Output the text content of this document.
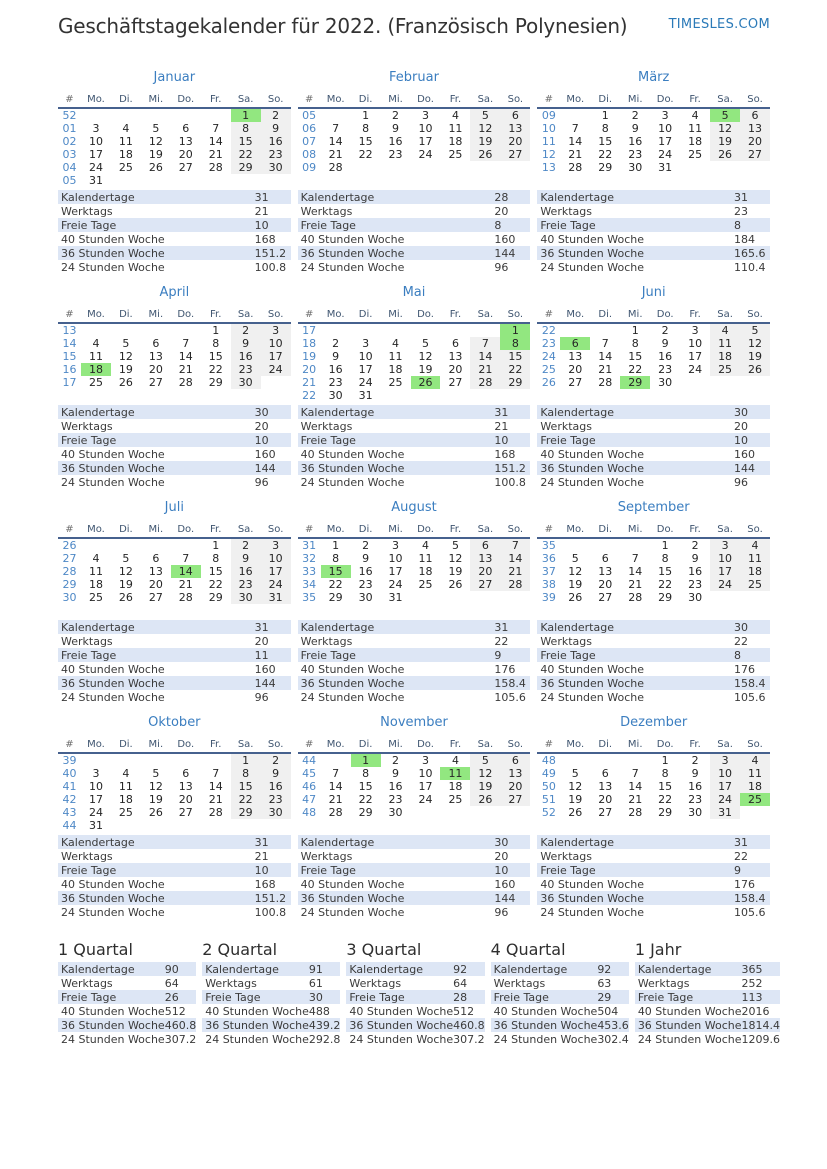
Geschäftstagekalender für 2022. (Französisch Polynesien)	TIMESLES.COM
Januar
#	Mo.	Di.	Mi.	Do.	Fr.	Sa.	So.
52						1	2
01	3	4	5	6	7	8	9
02	10	11	12	13	14	15	16
03	17	18	19	20	21	22	23
04	24	25	26	27	28	29	30
05	31						
Kalendertage	31
Werktags	21
Freie Tage	10
40 Stunden Woche	168
36 Stunden Woche	151.2
24 Stunden Woche	100.8
Februar
#	Mo.	Di.	Mi.	Do.	Fr.	Sa.	So.
05		1	2	3	4	5	6
06	7	8	9	10	11	12	13
07	14	15	16	17	18	19	20
08	21	22	23	24	25	26	27
09	28						
Kalendertage	28
Werktags	20
Freie Tage	8
40 Stunden Woche	160
36 Stunden Woche	144
24 Stunden Woche	96
März
#	Mo.	Di.	Mi.	Do.	Fr.	Sa.	So.
09		1	2	3	4	5	6
10	7	8	9	10	11	12	13
11	14	15	16	17	18	19	20
12	21	22	23	24	25	26	27
13	28	29	30	31			
Kalendertage	31
Werktags	23
Freie Tage	8
40 Stunden Woche	184
36 Stunden Woche	165.6
24 Stunden Woche	110.4
April
#	Mo.	Di.	Mi.	Do.	Fr.	Sa.	So.
13					1	2	3
14	4	5	6	7	8	9	10
15	11	12	13	14	15	16	17
16	18	19	20	21	22	23	24
17	25	26	27	28	29	30	
Kalendertage	30
Werktags	20
Freie Tage	10
40 Stunden Woche	160
36 Stunden Woche	144
24 Stunden Woche	96
Mai
#	Mo.	Di.	Mi.	Do.	Fr.	Sa.	So.
17							1
18	2	3	4	5	6	7	8
19	9	10	11	12	13	14	15
20	16	17	18	19	20	21	22
21	23	24	25	26	27	28	29
22	30	31					
Kalendertage	31
Werktags	21
Freie Tage	10
40 Stunden Woche	168
36 Stunden Woche	151.2
24 Stunden Woche	100.8
Juni
#	Mo.	Di.	Mi.	Do.	Fr.	Sa.	So.
22			1	2	3	4	5
23	6	7	8	9	10	11	12
24	13	14	15	16	17	18	19
25	20	21	22	23	24	25	26
26	27	28	29	30			
Kalendertage	30
Werktags	20
Freie Tage	10
40 Stunden Woche	160
36 Stunden Woche	144
24 Stunden Woche	96
Juli
#	Mo.	Di.	Mi.	Do.	Fr.	Sa.	So.
26					1	2	3
27	4	5	6	7	8	9	10
28	11	12	13	14	15	16	17
29	18	19	20	21	22	23	24
30	25	26	27	28	29	30	31
Kalendertage	31
Werktags	20
Freie Tage	11
40 Stunden Woche	160
36 Stunden Woche	144
24 Stunden Woche	96
August
#	Mo.	Di.	Mi.	Do.	Fr.	Sa.	So.
31	1	2	3	4	5	6	7
32	8	9	10	11	12	13	14
33	15	16	17	18	19	20	21
34	22	23	24	25	26	27	28
35	29	30	31				
Kalendertage	31
Werktags	22
Freie Tage	9
40 Stunden Woche	176
36 Stunden Woche	158.4
24 Stunden Woche	105.6
September
#	Mo.	Di.	Mi.	Do.	Fr.	Sa.	So.
35				1	2	3	4
36	5	6	7	8	9	10	11
37	12	13	14	15	16	17	18
38	19	20	21	22	23	24	25
39	26	27	28	29	30		
Kalendertage	30
Werktags	22
Freie Tage	8
40 Stunden Woche	176
36 Stunden Woche	158.4
24 Stunden Woche	105.6
Oktober
#	Mo.	Di.	Mi.	Do.	Fr.	Sa.	So.
39						1	2
40	3	4	5	6	7	8	9
41	10	11	12	13	14	15	16
42	17	18	19	20	21	22	23
43	24	25	26	27	28	29	30
44	31						
Kalendertage	31
Werktags	21
Freie Tage	10
40 Stunden Woche	168
36 Stunden Woche	151.2
24 Stunden Woche	100.8
November
#	Mo.	Di.	Mi.	Do.	Fr.	Sa.	So.
44		1	2	3	4	5	6
45	7	8	9	10	11	12	13
46	14	15	16	17	18	19	20
47	21	22	23	24	25	26	27
48	28	29	30				
Kalendertage	30
Werktags	20
Freie Tage	10
40 Stunden Woche	160
36 Stunden Woche	144
24 Stunden Woche	96
Dezember
#	Mo.	Di.	Mi.	Do.	Fr.	Sa.	So.
48				1	2	3	4
49	5	6	7	8	9	10	11
50	12	13	14	15	16	17	18
51	19	20	21	22	23	24	25
52	26	27	28	29	30	31	
Kalendertage	31
Werktags	22
Freie Tage	9
40 Stunden Woche	176
36 Stunden Woche	158.4
24 Stunden Woche	105.6
1 Quartal
Kalendertage	90
Werktags	64
Freie Tage	26
40 Stunden Woche	512
36 Stunden Woche	460.8
24 Stunden Woche	307.2
2 Quartal
Kalendertage	91
Werktags	61
Freie Tage	30
40 Stunden Woche	488
36 Stunden Woche	439.2
24 Stunden Woche	292.8
3 Quartal
Kalendertage	92
Werktags	64
Freie Tage	28
40 Stunden Woche	512
36 Stunden Woche	460.8
24 Stunden Woche	307.2
4 Quartal
Kalendertage	92
Werktags	63
Freie Tage	29
40 Stunden Woche	504
36 Stunden Woche	453.6
24 Stunden Woche	302.4
1 Jahr
Kalendertage	365
Werktags	252
Freie Tage	113
40 Stunden Woche	2016
36 Stunden Woche	1814.4
24 Stunden Woche	1209.6
